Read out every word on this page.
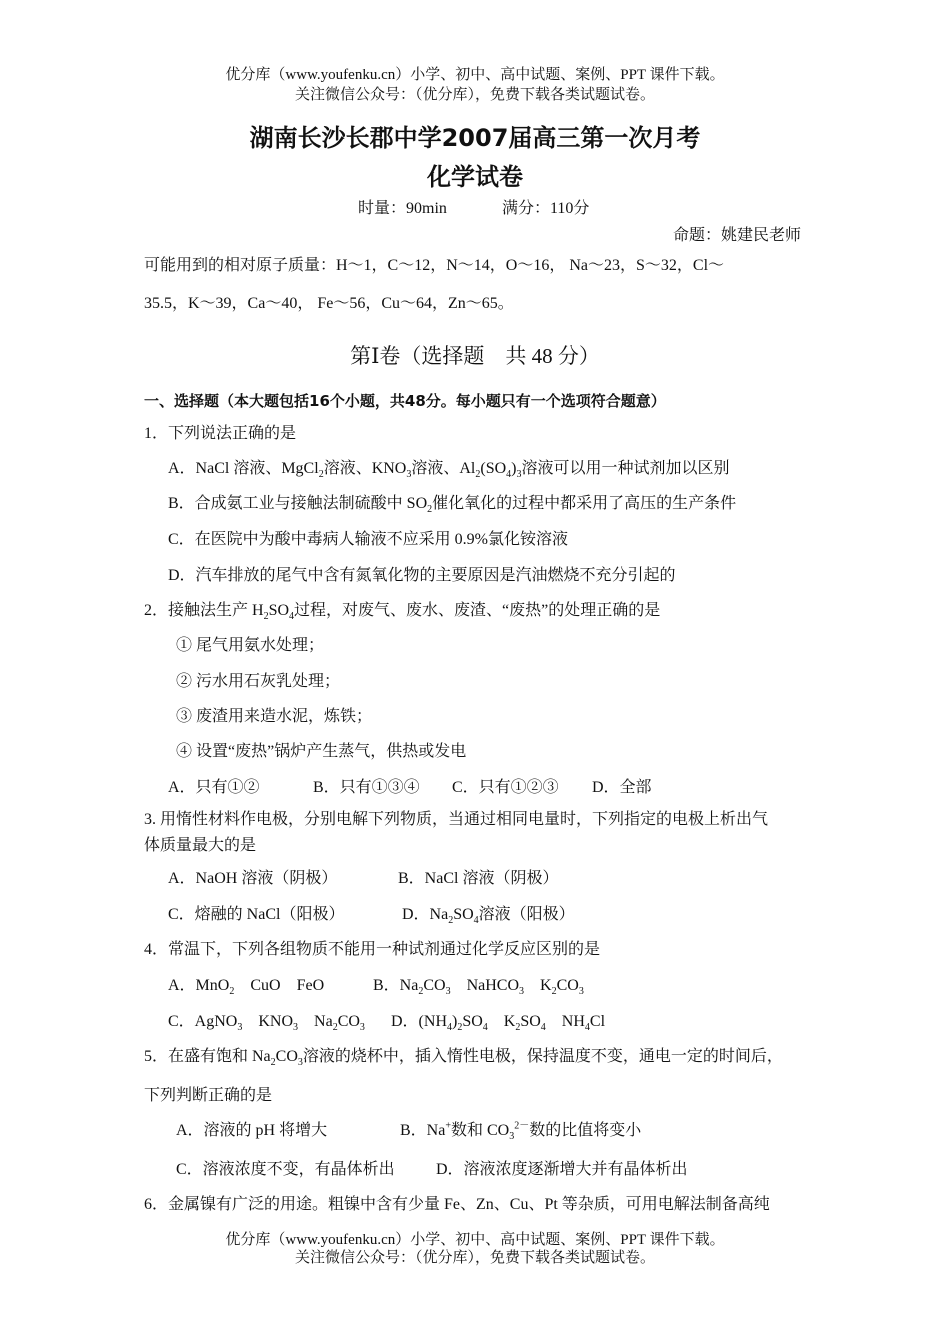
优分库（www.youfenku.cn）小学、初中、高中试题、案例、PPT 课件下载。
关注微信公众号：（优分库），免费下载各类试题试卷。
湖南长沙长郡中学2007届高三第一次月考
化学试卷
时量：90min	满分：110分
命题：姚建民老师
可能用到的相对原子质量：H～1，C～12，N～14，O～16， Na～23，S～32，Cl～
35.5，K～39，Ca～40， Fe～56，Cu～64，Zn～65。
第Ⅰ卷（选择题　共 48 分）
一、选择题（本大题包括16个小题，共48分。每小题只有一个选项符合题意）
1．下列说法正确的是
A．NaCl 溶液、MgCl$_2$溶液、$KNO_3$溶液、$Al_2(SO_4)_3$溶液可以用一种试剂加以区别
B．合成氨工业与接触法制硫酸中 $SO_2$催化氧化的过程中都采用了高压的生产条件
C．在医院中为酸中毒病人输液不应采用 0.9%氯化铵溶液
D．汽车排放的尾气中含有氮氧化物的主要原因是汽油燃烧不充分引起的
2．接触法生产 $H_2SO_4$过程，对废气、废水、废渣、“废热”的处理正确的是
① 尾气用氨水处理；
② 污水用石灰乳处理；
③ 废渣用来造水泥，炼铁；
④ 设置“废热”锅炉产生蒸气，供热或发电
A．只有①②	B．只有①③④ C．只有①②③ D．全部
3. 用惰性材料作电极，分别电解下列物质，当通过相同电量时，下列指定的电极上析出气
体质量最大的是
A．NaOH 溶液（阴极）	B．NaCl 溶液（阴极）
C．熔融的 NaCl（阳极）	D．$Na_2SO_4$溶液（阳极）
4．常温下，下列各组物质不能用一种试剂通过化学反应区别的是
A．MnO$_2$　CuO　FeO	B．$Na_2CO_3$　NaHCO$_3$　$K_2CO_3$
C．AgNO$_3$　$KNO_3$　$Na_2CO_3$ D．$(NH_4)_2SO_4$　$K_2SO_4$　$NH_4Cl$
5．在盛有饱和 $Na_2CO_3$溶液的烧杯中，插入惰性电极，保持温度不变，通电一定的时间后，
下列判断正确的是
A．溶液的 pH 将增大	B．Na+数和 $CO_3^{2-}$数的比值将变小
C．溶液浓度不变，有晶体析出	D．溶液浓度逐渐增大并有晶体析出
6．金属镍有广泛的用途。粗镍中含有少量 Fe、Zn、Cu、Pt 等杂质，可用电解法制备高纯
优分库（www.youfenku.cn）小学、初中、高中试题、案例、PPT 课件下载。
关注微信公众号：（优分库），免费下载各类试题试卷。
